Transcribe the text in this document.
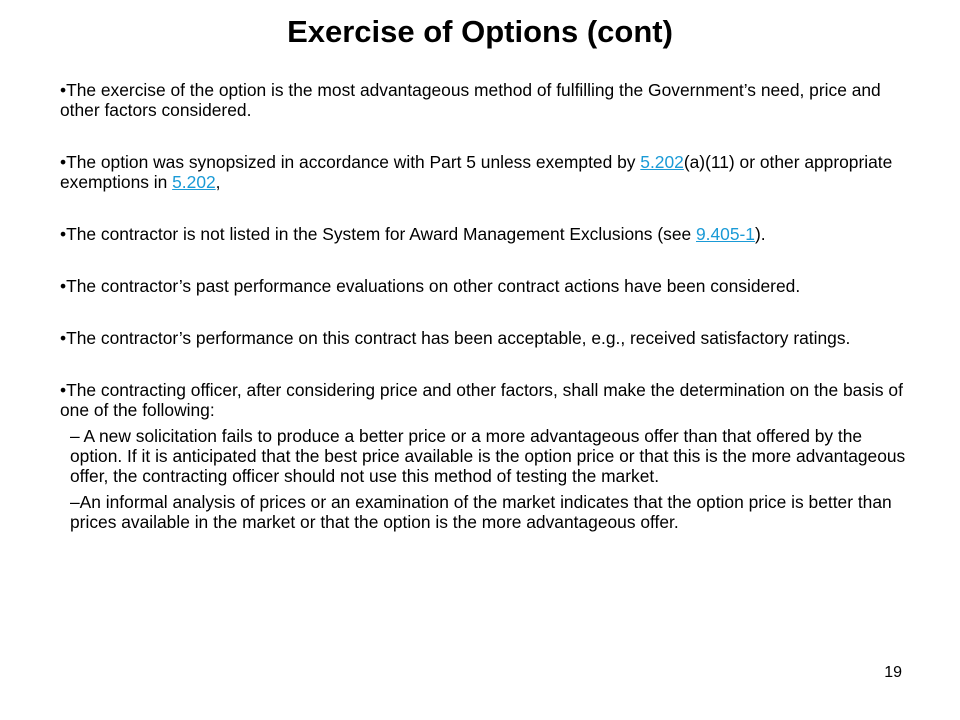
Exercise of Options (cont)

•The exercise of the option is the most advantageous method of fulfilling the Government’s need, price and other factors considered.

•The option was synopsized in accordance with Part 5 unless exempted by 5.202(a)(11) or other appropriate exemptions in 5.202,

•The contractor is not listed in the System for Award Management Exclusions (see 9.405-1).

•The contractor’s past performance evaluations on other contract actions have been considered.

•The contractor’s performance on this contract has been acceptable, e.g., received satisfactory ratings.

•The contracting officer, after considering price and other factors, shall make the determination on the basis of one of the following:

– A new solicitation fails to produce a better price or a more advantageous offer than that offered by the option. If it is anticipated that the best price available is the option price or that this is the more advantageous offer, the contracting officer should not use this method of testing the market.

–An informal analysis of prices or an examination of the market indicates that the option price is better than prices available in the market or that the option is the more advantageous offer.

19
